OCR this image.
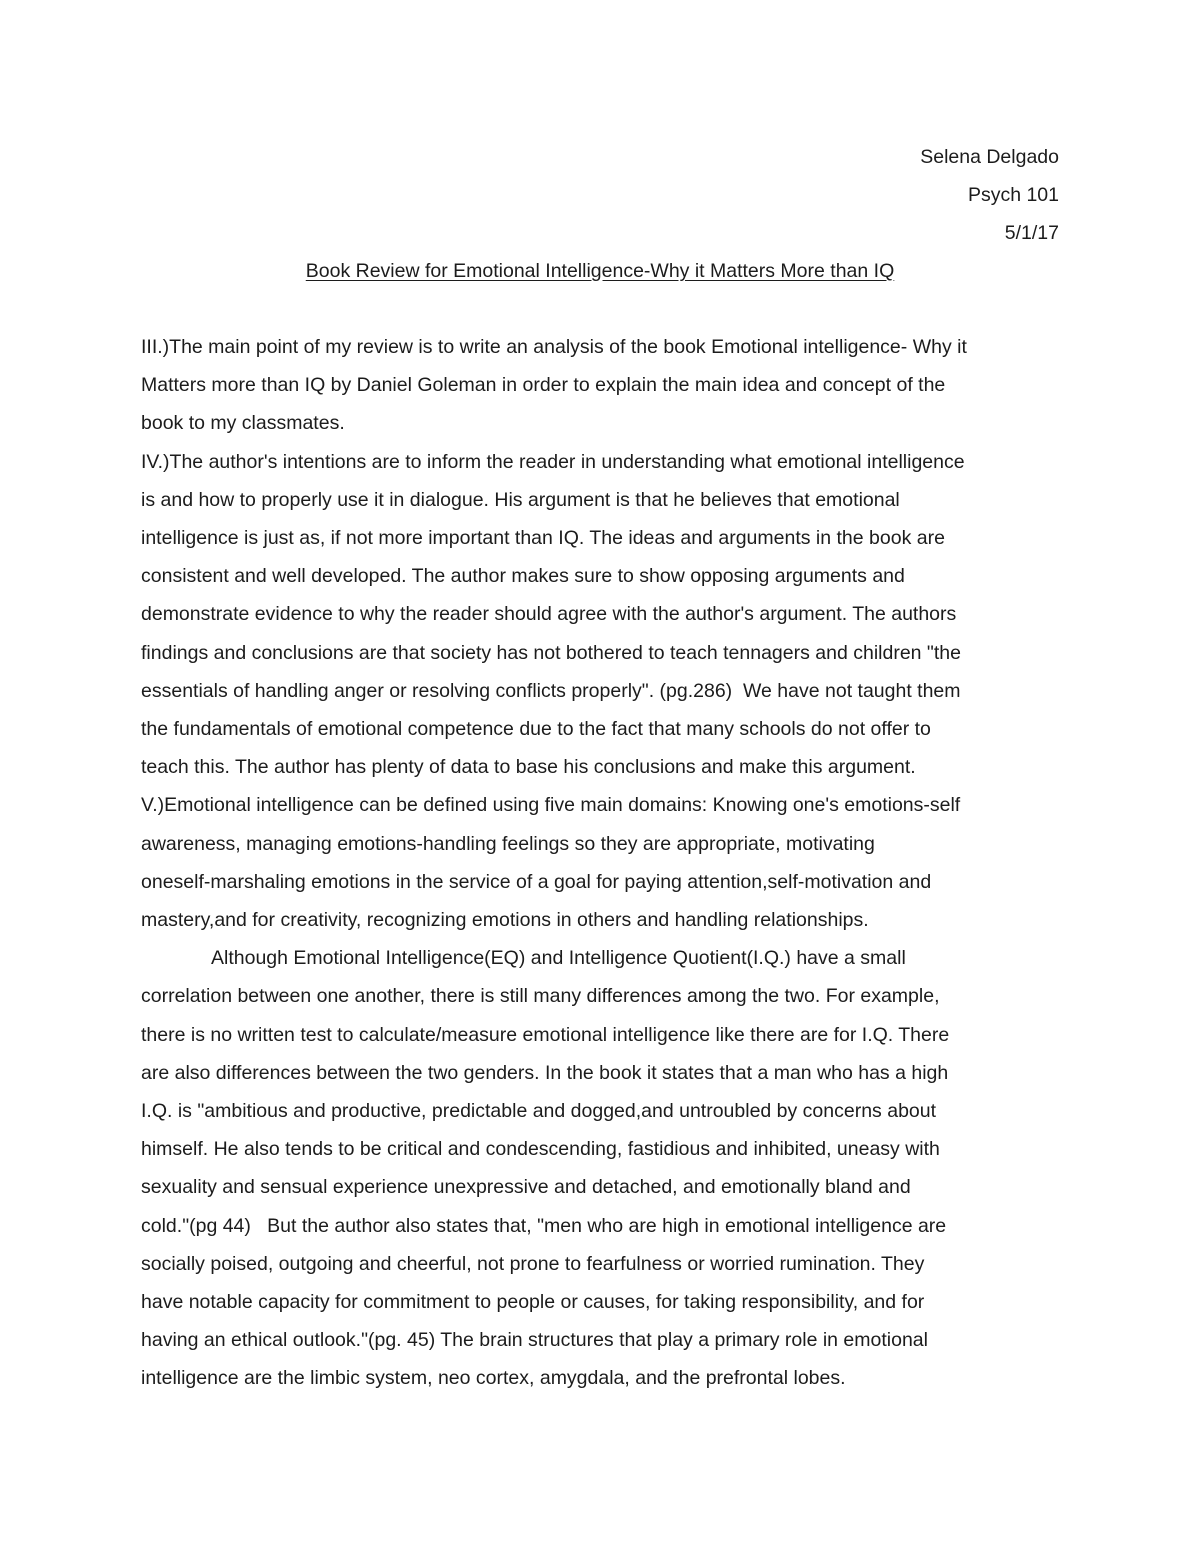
Selena Delgado
Psych 101
5/1/17
Book Review for Emotional Intelligence-Why it Matters More than IQ
III.)The main point of my review is to write an analysis of the book Emotional intelligence- Why it
Matters more than IQ by Daniel Goleman in order to explain the main idea and concept of the
book to my classmates.
IV.)The author's intentions are to inform the reader in understanding what emotional intelligence
is and how to properly use it in dialogue. His argument is that he believes that emotional
intelligence is just as, if not more important than IQ. The ideas and arguments in the book are
consistent and well developed. The author makes sure to show opposing arguments and
demonstrate evidence to why the reader should agree with the author's argument. The authors
findings and conclusions are that society has not bothered to teach tennagers and children "the
essentials of handling anger or resolving conflicts properly". (pg.286)  We have not taught them
the fundamentals of emotional competence due to the fact that many schools do not offer to
teach this. The author has plenty of data to base his conclusions and make this argument.
V.)Emotional intelligence can be defined using five main domains: Knowing one's emotions-self
awareness, managing emotions-handling feelings so they are appropriate, motivating
oneself-marshaling emotions in the service of a goal for paying attention,self-motivation and
mastery,and for creativity, recognizing emotions in others and handling relationships.
Although Emotional Intelligence(EQ) and Intelligence Quotient(I.Q.) have a small
correlation between one another, there is still many differences among the two. For example,
there is no written test to calculate/measure emotional intelligence like there are for I.Q. There
are also differences between the two genders. In the book it states that a man who has a high
I.Q. is "ambitious and productive, predictable and dogged,and untroubled by concerns about
himself. He also tends to be critical and condescending, fastidious and inhibited, uneasy with
sexuality and sensual experience unexpressive and detached, and emotionally bland and
cold."(pg 44)   But the author also states that, "men who are high in emotional intelligence are
socially poised, outgoing and cheerful, not prone to fearfulness or worried rumination. They
have notable capacity for commitment to people or causes, for taking responsibility, and for
having an ethical outlook."(pg. 45) The brain structures that play a primary role in emotional
intelligence are the limbic system, neo cortex, amygdala, and the prefrontal lobes.
